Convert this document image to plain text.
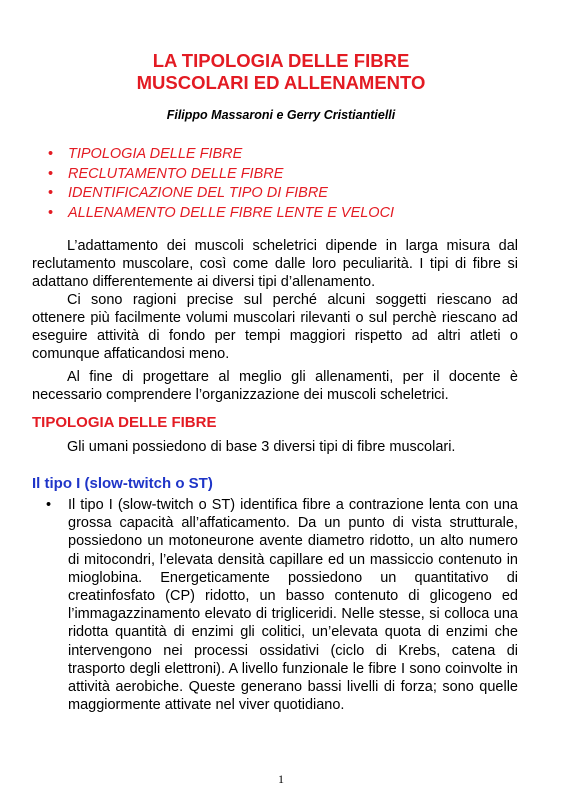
LA TIPOLOGIA DELLE FIBRE
MUSCOLARI ED ALLENAMENTO

Filippo Massaroni e Gerry Cristiantielli

• TIPOLOGIA DELLE FIBRE
• RECLUTAMENTO DELLE FIBRE
• IDENTIFICAZIONE DEL TIPO DI FIBRE
• ALLENAMENTO DELLE FIBRE LENTE E VELOCI

L’adattamento dei muscoli scheletrici dipende in larga misura dal reclutamento muscolare, così come dalle loro peculiarità. I tipi di fibre si adattano differentemente ai diversi tipi d’allenamento.

Ci sono ragioni precise sul perché alcuni soggetti riescano ad ottenere più facilmente volumi muscolari rilevanti o sul perchè riescano ad eseguire attività di fondo per tempi maggiori rispetto ad altri atleti o comunque affaticandosi meno.

Al fine di progettare al meglio gli allenamenti, per il docente è necessario comprendere l’organizzazione dei muscoli scheletrici.

TIPOLOGIA DELLE FIBRE

Gli umani possiedono di base 3 diversi tipi di fibre muscolari.

Il tipo I (slow-twitch o ST)
• Il tipo I (slow-twitch o ST) identifica fibre a contrazione lenta con una grossa capacità all’affaticamento. Da un punto di vista strutturale, possiedono un motoneurone avente diametro ridotto, un alto numero di mitocondri, l’elevata densità capillare ed un massiccio contenuto in mioglobina. Energeticamente possiedono un quantitativo di creatinfosfato (CP) ridotto, un basso contenuto di glicogeno ed l’immagazzinamento elevato di trigliceridi. Nelle stesse, si colloca una ridotta quantità di enzimi gli colitici, un’elevata quota di enzimi che intervengono nei processi ossidativi (ciclo di Krebs, catena di trasporto degli elettroni). A livello funzionale le fibre I sono coinvolte in attività aerobiche. Queste generano bassi livelli di forza; sono quelle maggiormente attivate nel viver quotidiano.

1
